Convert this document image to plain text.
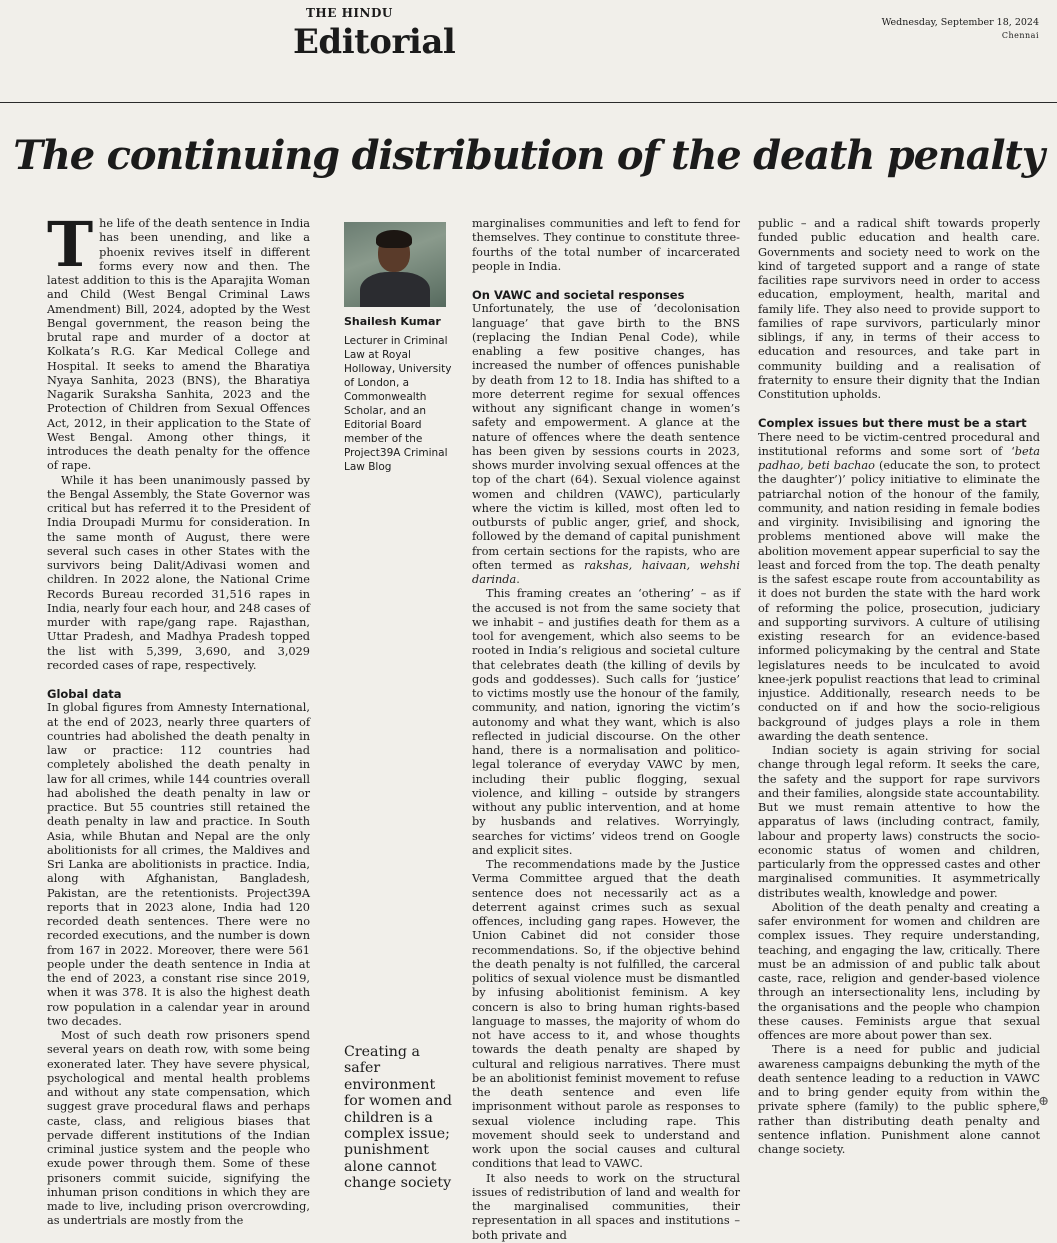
THE HINDU
Editorial	Wednesday, September 18, 2024
Chennai
The continuing distribution of the death penalty

The life of the death sentence in India has been unending, and like a phoenix revives itself in different forms every now and then. The latest addition to this is the Aparajita Woman and Child (West Bengal Criminal Laws Amendment) Bill, 2024, adopted by the West Bengal government, the reason being the brutal rape and murder of a doctor at Kolkata’s R.G. Kar Medical College and Hospital. It seeks to amend the Bharatiya Nyaya Sanhita, 2023 (BNS), the Bharatiya Nagarik Suraksha Sanhita, 2023 and the Protection of Children from Sexual Offences Act, 2012, in their application to the State of West Bengal. Among other things, it introduces the death penalty for the offence of rape.

While it has been unanimously passed by the Bengal Assembly, the State Governor was critical but has referred it to the President of India Droupadi Murmu for consideration. In the same month of August, there were several such cases in other States with the survivors being Dalit/Adivasi women and children. In 2022 alone, the National Crime Records Bureau recorded 31,516 rapes in India, nearly four each hour, and 248 cases of murder with rape/gang rape. Rajasthan, Uttar Pradesh, and Madhya Pradesh topped the list with 5,399, 3,690, and 3,029 recorded cases of rape, respectively.

Global data

In global figures from Amnesty International, at the end of 2023, nearly three quarters of countries had abolished the death penalty in law or practice: 112 countries had completely abolished the death penalty in law for all crimes, while 144 countries overall had abolished the death penalty in law or practice. But 55 countries still retained the death penalty in law and practice. In South Asia, while Bhutan and Nepal are the only abolitionists for all crimes, the Maldives and Sri Lanka are abolitionists in practice. India, along with Afghanistan, Bangladesh, Pakistan, are the retentionists. Project39A reports that in 2023 alone, India had 120 recorded death sentences. There were no recorded executions, and the number is down from 167 in 2022. Moreover, there were 561 people under the death sentence in India at the end of 2023, a constant rise since 2019, when it was 378. It is also the highest death row population in a calendar year in around two decades.

Most of such death row prisoners spend several years on death row, with some being exonerated later. They have severe physical, psychological and mental health problems and without any state compensation, which suggest grave procedural flaws and perhaps caste, class, and religious biases that pervade different institutions of the Indian criminal justice system and the people who exude power through them. Some of these prisoners commit suicide, signifying the inhuman prison conditions in which they are made to live, including prison overcrowding, as undertrials are mostly from the

Shailesh Kumar
Lecturer in Criminal Law at Royal Holloway, University of London, a Commonwealth Scholar, and an Editorial Board member of the Project39A Criminal Law Blog
Creating a safer environment for women and children is a complex issue; punishment alone cannot change society

marginalises communities and left to fend for themselves. They continue to constitute three-fourths of the total number of incarcerated people in India.

On VAWC and societal responses

Unfortunately, the use of ‘decolonisation language’ that gave birth to the BNS (replacing the Indian Penal Code), while enabling a few positive changes, has increased the number of offences punishable by death from 12 to 18. India has shifted to a more deterrent regime for sexual offences without any significant change in women’s safety and empowerment. A glance at the nature of offences where the death sentence has been given by sessions courts in 2023, shows murder involving sexual offences at the top of the chart (64). Sexual violence against women and children (VAWC), particularly where the victim is killed, most often led to outbursts of public anger, grief, and shock, followed by the demand of capital punishment from certain sections for the rapists, who are often termed as rakshas, haivaan, wehshi darinda.

This framing creates an ‘othering’ – as if the accused is not from the same society that we inhabit – and justifies death for them as a tool for avengement, which also seems to be rooted in India’s religious and societal culture that celebrates death (the killing of devils by gods and goddesses). Such calls for ‘justice’ to victims mostly use the honour of the family, community, and nation, ignoring the victim’s autonomy and what they want, which is also reflected in judicial discourse. On the other hand, there is a normalisation and politico-legal tolerance of everyday VAWC by men, including their public flogging, sexual violence, and killing – outside by strangers without any public intervention, and at home by husbands and relatives. Worryingly, searches for victims’ videos trend on Google and explicit sites.

The recommendations made by the Justice Verma Committee argued that the death sentence does not necessarily act as a deterrent against crimes such as sexual offences, including gang rapes. However, the Union Cabinet did not consider those recommendations. So, if the objective behind the death penalty is not fulfilled, the carceral politics of sexual violence must be dismantled by infusing abolitionist feminism. A key concern is also to bring human rights-based language to masses, the majority of whom do not have access to it, and whose thoughts towards the death penalty are shaped by cultural and religious narratives. There must be an abolitionist feminist movement to refuse the death sentence and even life imprisonment without parole as responses to sexual violence including rape. This movement should seek to understand and work upon the social causes and cultural conditions that lead to VAWC.

It also needs to work on the structural issues of redistribution of land and wealth for the marginalised communities, their representation in all spaces and institutions – both private and

public – and a radical shift towards properly funded public education and health care. Governments and society need to work on the kind of targeted support and a range of state facilities rape survivors need in order to access education, employment, health, marital and family life. They also need to provide support to families of rape survivors, particularly minor siblings, if any, in terms of their access to education and resources, and take part in community building and a realisation of fraternity to ensure their dignity that the Indian Constitution upholds.

Complex issues but there must be a start

There need to be victim-centred procedural and institutional reforms and some sort of ‘beta padhao, beti bachao (educate the son, to protect the daughter’)’ policy initiative to eliminate the patriarchal notion of the honour of the family, community, and nation residing in female bodies and virginity. Invisibilising and ignoring the problems mentioned above will make the abolition movement appear superficial to say the least and forced from the top. The death penalty is the safest escape route from accountability as it does not burden the state with the hard work of reforming the police, prosecution, judiciary and supporting survivors. A culture of utilising existing research for an evidence-based informed policymaking by the central and State legislatures needs to be inculcated to avoid knee-jerk populist reactions that lead to criminal injustice. Additionally, research needs to be conducted on if and how the socio-religious background of judges plays a role in them awarding the death sentence.

Indian society is again striving for social change through legal reform. It seeks the care, the safety and the support for rape survivors and their families, alongside state accountability. But we must remain attentive to how the apparatus of laws (including contract, family, labour and property laws) constructs the socio-economic status of women and children, particularly from the oppressed castes and other marginalised communities. It asymmetrically distributes wealth, knowledge and power.

Abolition of the death penalty and creating a safer environment for women and children are complex issues. They require understanding, teaching, and engaging the law, critically. There must be an admission of and public talk about caste, race, religion and gender-based violence through an intersectionality lens, including by the organisations and the people who champion these causes. Feminists argue that sexual offences are more about power than sex.

There is a need for public and judicial awareness campaigns debunking the myth of the death sentence leading to a reduction in VAWC and to bring gender equity from within the private sphere (family) to the public sphere, rather than distributing death penalty and sentence inflation. Punishment alone cannot change society.

⊕
